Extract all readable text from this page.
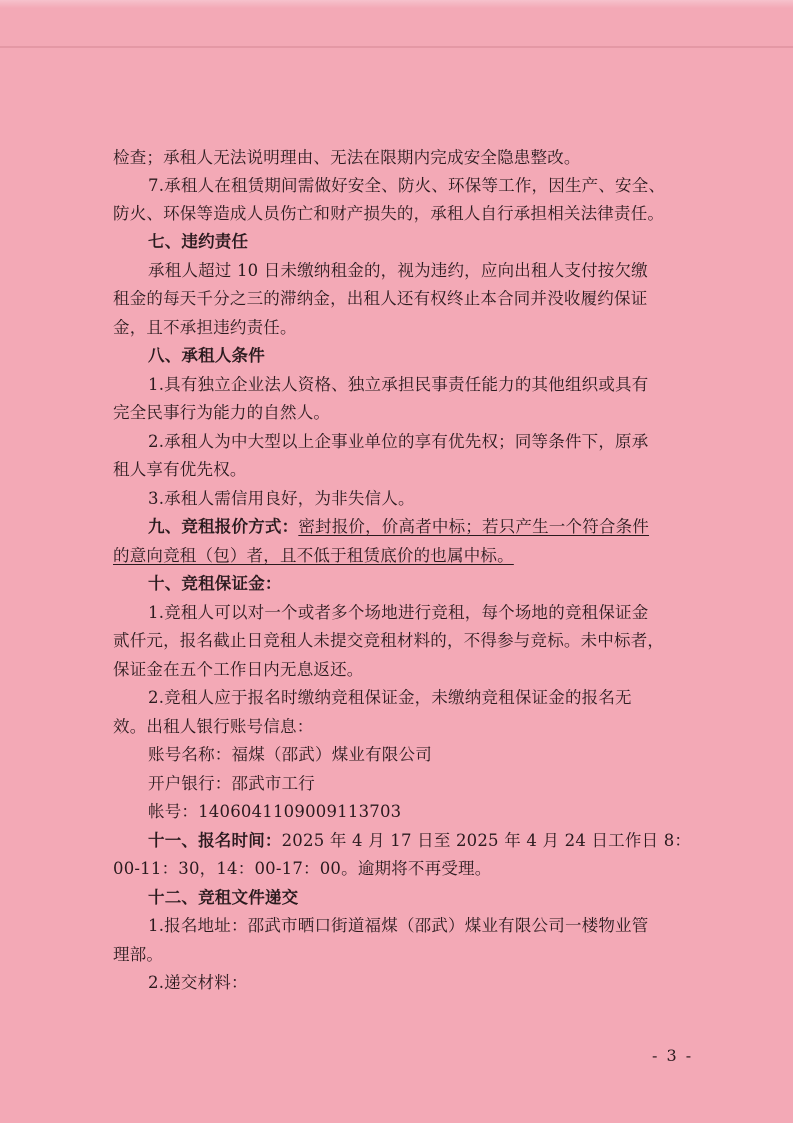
检查；承租人无法说明理由、无法在限期内完成安全隐患整改。
7.承租人在租赁期间需做好安全、防火、环保等工作，因生产、安全、
防火、环保等造成人员伤亡和财产损失的，承租人自行承担相关法律责任。
七、违约责任
承租人超过 10 日未缴纳租金的，视为违约，应向出租人支付按欠缴
租金的每天千分之三的滞纳金，出租人还有权终止本合同并没收履约保证
金，且不承担违约责任。
八、承租人条件
1.具有独立企业法人资格、独立承担民事责任能力的其他组织或具有
完全民事行为能力的自然人。
2.承租人为中大型以上企事业单位的享有优先权；同等条件下，原承
租人享有优先权。
3.承租人需信用良好，为非失信人。
九、竞租报价方式：密封报价，价高者中标；若只产生一个符合条件
的意向竞租（包）者，且不低于租赁底价的也属中标。
十、竞租保证金：
1.竞租人可以对一个或者多个场地进行竞租，每个场地的竞租保证金
贰仟元，报名截止日竞租人未提交竞租材料的，不得参与竞标。未中标者，
保证金在五个工作日内无息返还。
2.竞租人应于报名时缴纳竞租保证金，未缴纳竞租保证金的报名无
效。出租人银行账号信息：
账号名称：福煤（邵武）煤业有限公司
开户银行：邵武市工行
帐号：1406041109009113703
十一、报名时间：2025 年 4 月 17 日至 2025 年 4 月 24 日工作日 8：
00-11：30，14：00-17：00。逾期将不再受理。
十二、竞租文件递交
1.报名地址：邵武市晒口街道福煤（邵武）煤业有限公司一楼物业管
理部。
2.递交材料：
- 3 -
